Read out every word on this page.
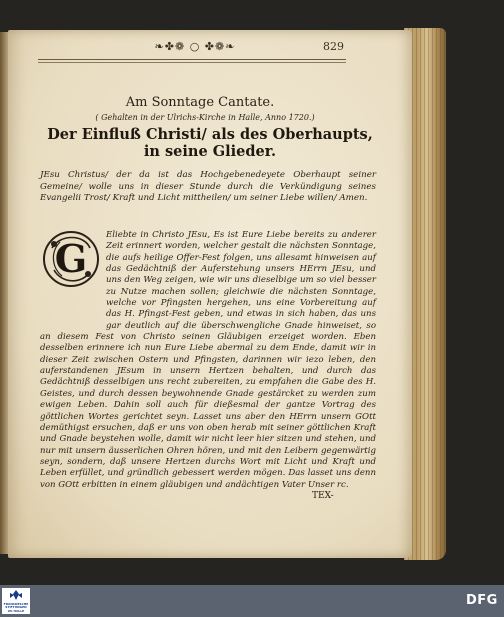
❧✤❁ ○ ✤❁❧	829
Am Sonntage Cantate.
( Gehalten in der Ulrichs-Kirche in Halle, Anno 1720.)
Der Einfluß Christi/ als des Oberhaupts, in seine Glieder.
JEsu Christus/ der da ist das Hochgebenedeyete Oberhaupt seiner Gemeine/ wolle uns in dieser Stunde durch die Verkündigung seines Evangelii Trost/ Kraft und Licht mittheilen/ um seiner Liebe willen/ Amen.
Eliebte in Christo JEsu, Es ist Eure Liebe bereits zu anderer Zeit erinnert worden, welcher gestalt die nächsten Sonntage, die aufs heilige Offer-Fest folgen, uns allesamt hinweisen auf das Gedächtniß der Auferstehung unsers HErrn JEsu, und uns den Weg zeigen, wie wir uns dieselbige um so viel besser zu Nutze machen sollen; gleichwie die nächsten Sonntage, welche vor Pfingsten hergehen, uns eine Vorbereitung auf das H. Pfingst-Fest geben, und etwas in sich haben, das uns gar deutlich auf die überschwengliche Gnade hinweiset, so an diesem Fest von Christo seinen Gläubigen erzeiget worden. Eben desselben erinnere ich nun Eure Liebe abermal zu dem Ende, damit wir in dieser Zeit zwischen Ostern und Pfingsten, darinnen wir iezo leben, den auferstandenen JEsum in unsern Hertzen behalten, und durch das Gedächtniß desselbigen uns recht zubereiten, zu empfahen die Gabe des H. Geistes, und durch dessen beywohnende Gnade gestärcket zu werden zum ewigen Leben. Dahin soll auch für dießesmal der gantze Vortrag des göttlichen Wortes gerichtet seyn. Lasset uns aber den HErrn unsern GOtt demüthigst ersuchen, daß er uns von oben herab mit seiner göttlichen Kraft und Gnade beystehen wolle, damit wir nicht leer hier sitzen und stehen, und nur mit unsern äusserlichen Ohren hören, und mit den Leibern gegenwärtig seyn, sondern, daß unsere Hertzen durchs Wort mit Licht und Kraft und Leben erfüllet, und gründlich gebessert werden mögen. Das lasset uns denn von GOtt erbitten in einem gläubigen und andächtigen Vater Unser rc.
G
TEX-
FRANCKESCHE STIFTUNGEN ZU HALLE
DFG
